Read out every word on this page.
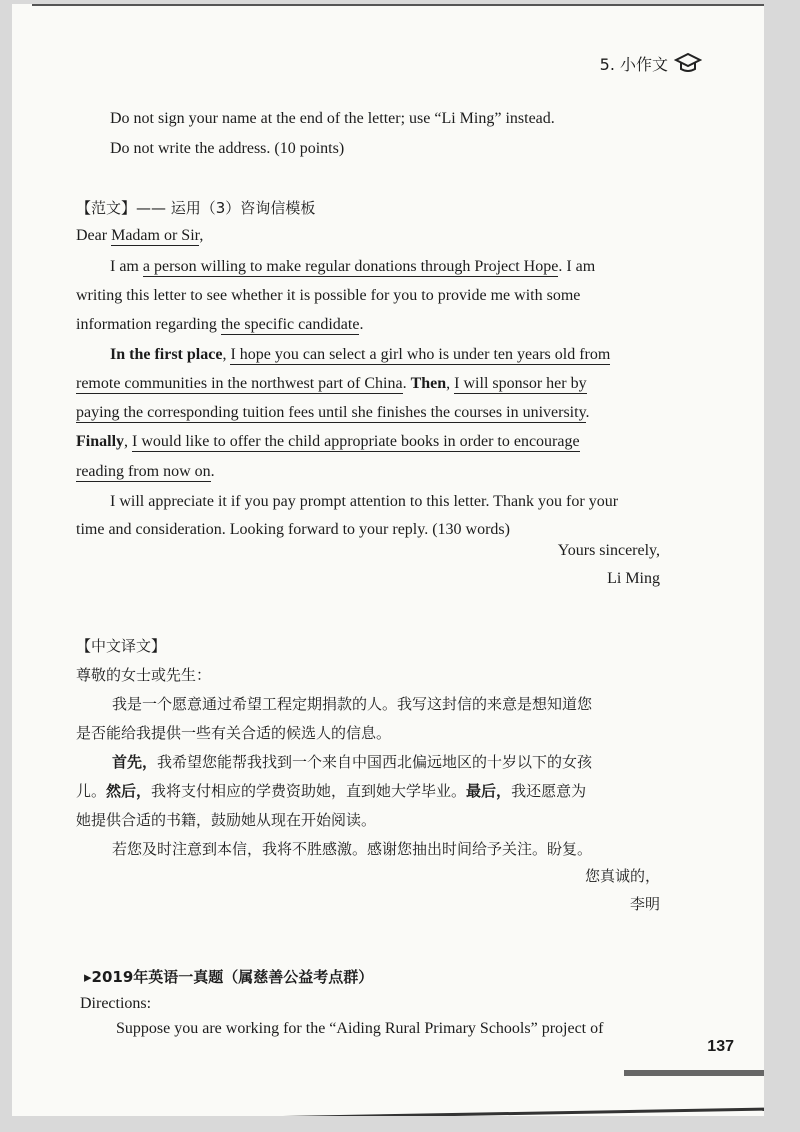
5. 小作文
Do not sign your name at the end of the letter; use “Li Ming” instead.
Do not write the address. (10 points)
【范文】—— 运用（3）咨询信模板
Dear Madam or Sir,
I am a person willing to make regular donations through Project Hope. I am
writing this letter to see whether it is possible for you to provide me with some
information regarding the specific candidate.
In the first place, I hope you can select a girl who is under ten years old from
remote communities in the northwest part of China. Then, I will sponsor her by
paying the corresponding tuition fees until she finishes the courses in university.
Finally, I would like to offer the child appropriate books in order to encourage
reading from now on.
I will appreciate it if you pay prompt attention to this letter. Thank you for your
time and consideration. Looking forward to your reply. (130 words)
Yours sincerely,
Li Ming
【中文译文】
尊敬的女士或先生：
我是一个愿意通过希望工程定期捐款的人。我写这封信的来意是想知道您
是否能给我提供一些有关合适的候选人的信息。
首先，我希望您能帮我找到一个来自中国西北偏远地区的十岁以下的女孩
儿。然后，我将支付相应的学费资助她，直到她大学毕业。最后，我还愿意为
她提供合适的书籍，鼓励她从现在开始阅读。
若您及时注意到本信，我将不胜感激。感谢您抽出时间给予关注。盼复。
您真诚的，
李明
▸2019年英语一真题（属慈善公益考点群）
Directions:
Suppose you are working for the “Aiding Rural Primary Schools” project of
137
